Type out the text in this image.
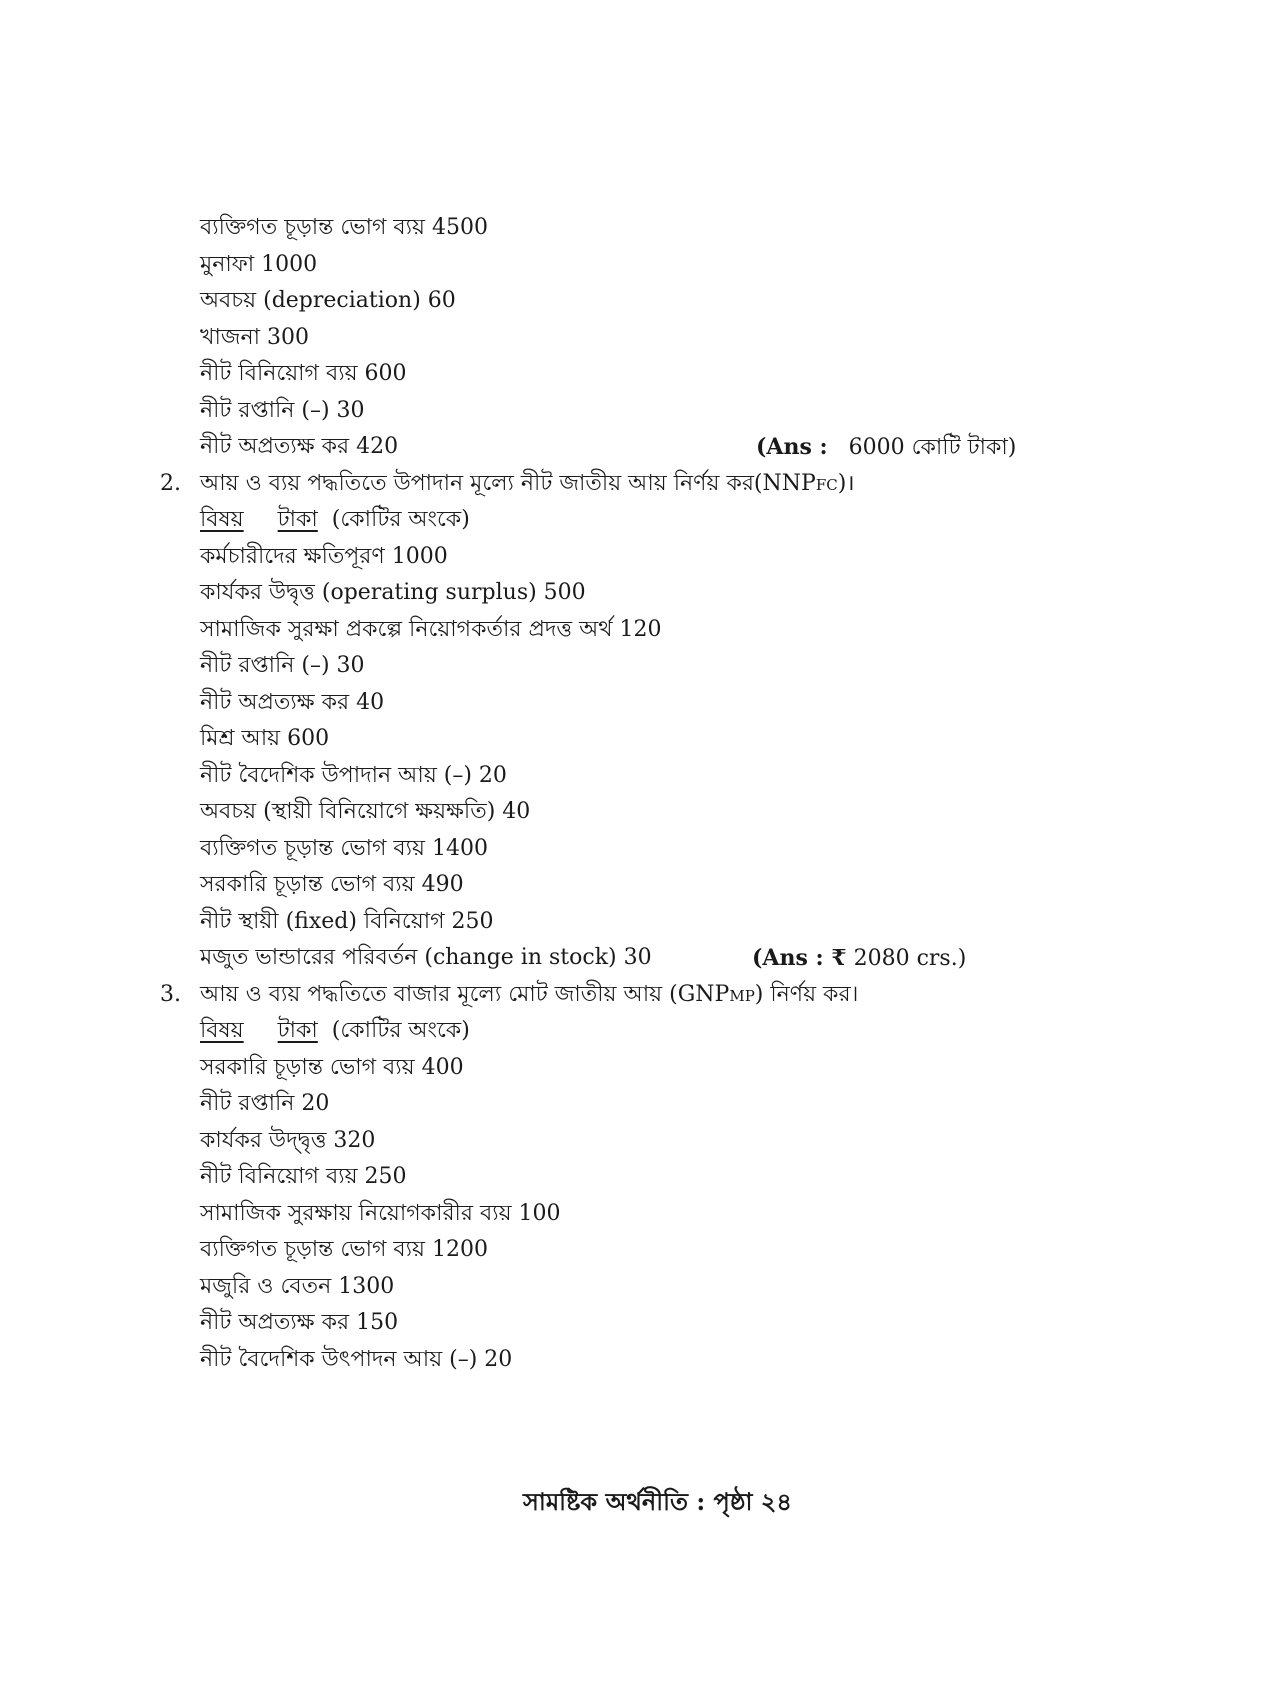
ব্যক্তিগত চূড়ান্ত ভোগ ব্যয় 4500
মুনাফা 1000
অবচয় (depreciation) 60
খাজনা 300
নীট বিনিয়োগ ব্যয় 600
নীট রপ্তানি (–) 30
নীট অপ্রত্যক্ষ কর 420	(Ans : 6000 কোটি টাকা)
2. আয় ও ব্যয় পদ্ধতিতে উপাদান মূল্যে নীট জাতীয় আয় নির্ণয় কর(NNPFC)।
বিষয় টাকা (কোটির অংকে)
কর্মচারীদের ক্ষতিপূরণ 1000
কার্যকর উদ্বৃত্ত (operating surplus) 500
সামাজিক সুরক্ষা প্রকল্পে নিয়োগকর্তার প্রদত্ত অর্থ 120
নীট রপ্তানি (–) 30
নীট অপ্রত্যক্ষ কর 40
মিশ্র আয় 600
নীট বৈদেশিক উপাদান আয় (–) 20
অবচয় (স্থায়ী বিনিয়োগে ক্ষয়ক্ষতি) 40
ব্যক্তিগত চূড়ান্ত ভোগ ব্যয় 1400
সরকারি চূড়ান্ত ভোগ ব্যয় 490
নীট স্থায়ী (fixed) বিনিয়োগ 250
মজুত ভান্ডারের পরিবর্তন (change in stock) 30	(Ans : ₹ 2080 crs.)
3. আয় ও ব্যয় পদ্ধতিতে বাজার মূল্যে মোট জাতীয় আয় (GNPMP) নির্ণয় কর।
বিষয় টাকা (কোটির অংকে)
সরকারি চূড়ান্ত ভোগ ব্যয় 400
নীট রপ্তানি 20
কার্যকর উদ্দ্বৃত্ত 320
নীট বিনিয়োগ ব্যয় 250
সামাজিক সুরক্ষায় নিয়োগকারীর ব্যয় 100
ব্যক্তিগত চূড়ান্ত ভোগ ব্যয় 1200
মজুরি ও বেতন 1300
নীট অপ্রত্যক্ষ কর 150
নীট বৈদেশিক উৎপাদন আয় (–) 20
সামষ্টিক অর্থনীতি : পৃষ্ঠা ২৪
